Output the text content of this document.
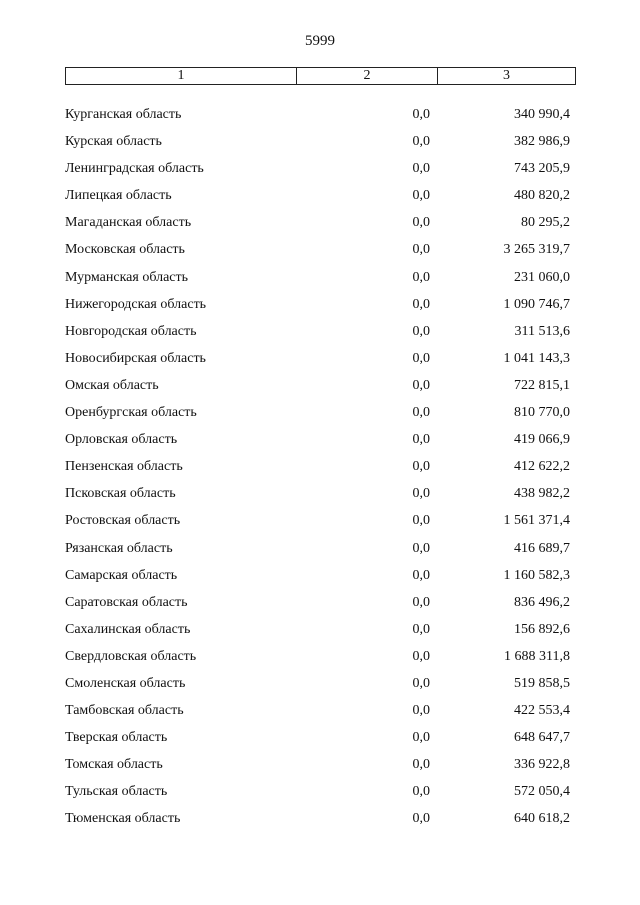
5999
1	2	3
Курганская область	0,0	340 990,4
Курская область	0,0	382 986,9
Ленинградская область	0,0	743 205,9
Липецкая область	0,0	480 820,2
Магаданская область	0,0	80 295,2
Московская область	0,0	3 265 319,7
Мурманская область	0,0	231 060,0
Нижегородская область	0,0	1 090 746,7
Новгородская область	0,0	311 513,6
Новосибирская область	0,0	1 041 143,3
Омская область	0,0	722 815,1
Оренбургская область	0,0	810 770,0
Орловская область	0,0	419 066,9
Пензенская область	0,0	412 622,2
Псковская область	0,0	438 982,2
Ростовская область	0,0	1 561 371,4
Рязанская область	0,0	416 689,7
Самарская область	0,0	1 160 582,3
Саратовская область	0,0	836 496,2
Сахалинская область	0,0	156 892,6
Свердловская область	0,0	1 688 311,8
Смоленская область	0,0	519 858,5
Тамбовская область	0,0	422 553,4
Тверская область	0,0	648 647,7
Томская область	0,0	336 922,8
Тульская область	0,0	572 050,4
Тюменская область	0,0	640 618,2
